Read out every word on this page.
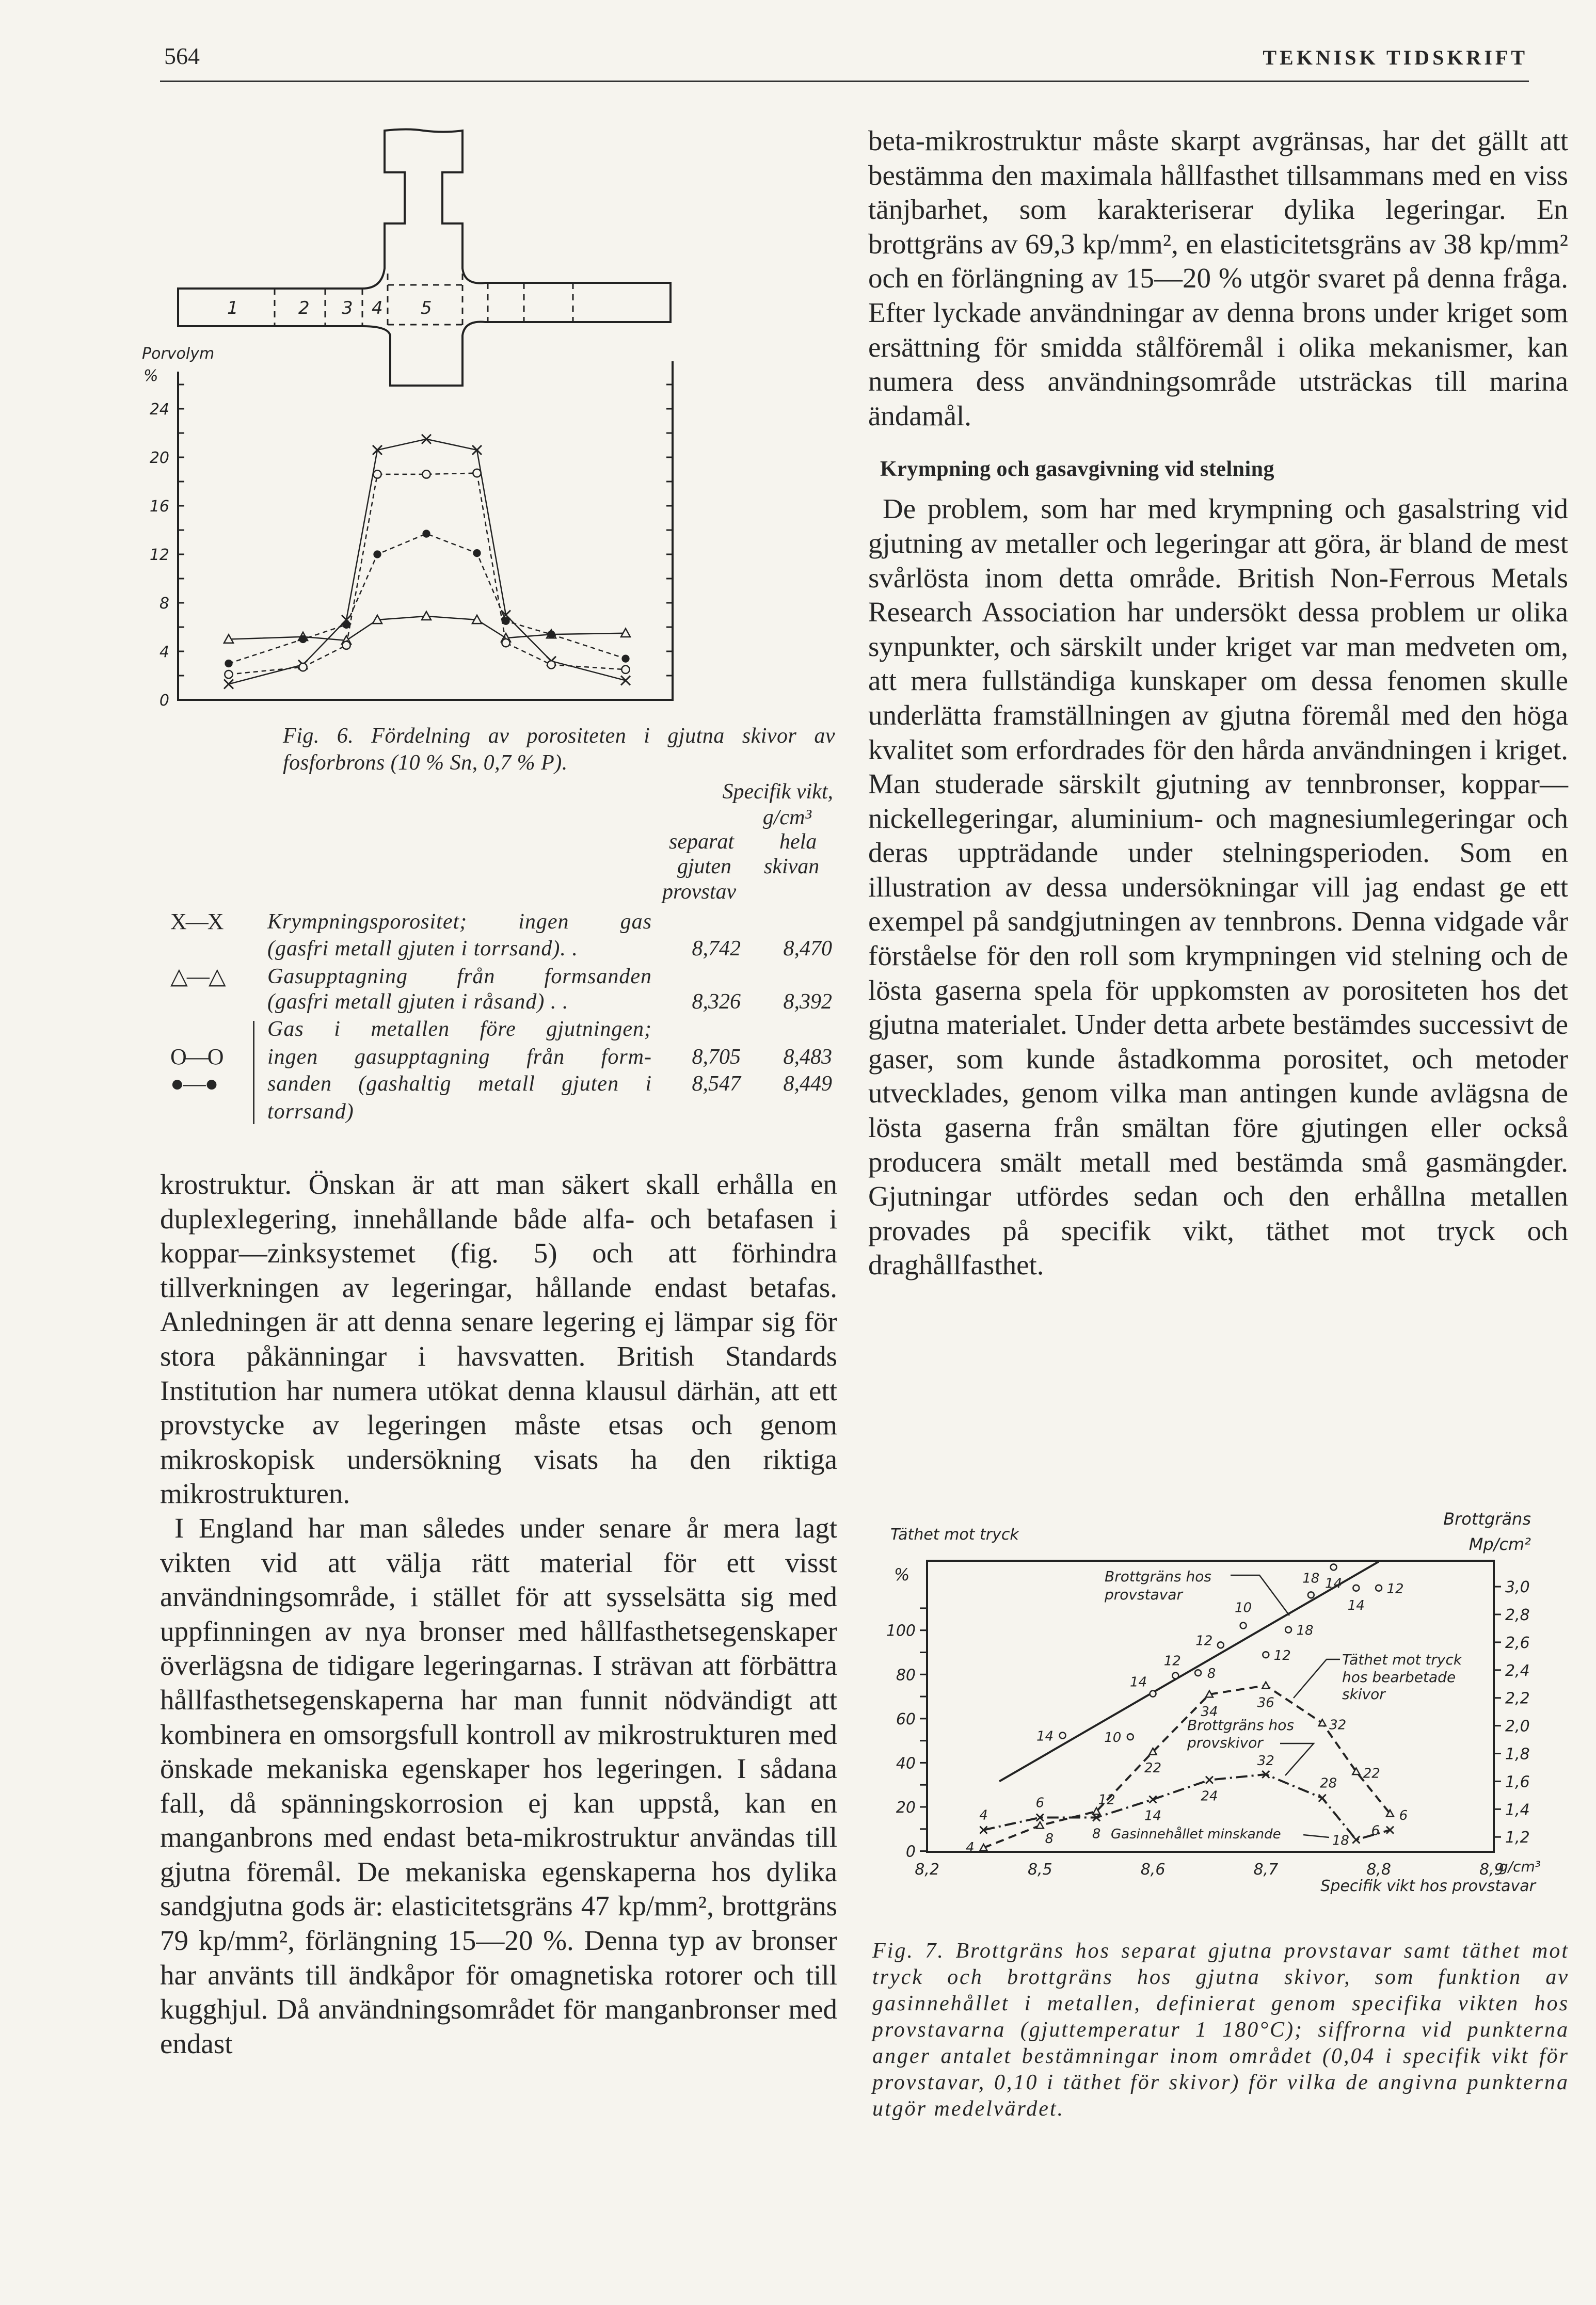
564	TEKNISK TIDSKRIFT
1	2 3 4 5
Porvolym
%
0
4
8
12
16
20
24
Täthet mot tryck
%
Brottgräns
Mp/cm²
Specifik vikt hos provstavar
g/cm³
Brottgräns hos
provstavar
Täthet mot tryck
hos bearbetade
skivor
Brottgräns hos
provskivor
Gasinnehållet minskande
0
20
40
60
80
100
1,2
1,4
1,6
1,8
2,0
2,2
2,4
2,6
2,8
3,0
8,2	8,5	8,6	8,7	8,8	8,9
14	10
14
12
8
12
10
12
18
18 14
14
12
4
8
12
22
34
36
32
22
6
4
6
8
14
24
32
28
18
6

Fig. 6. Fördelning av porositeten i gjutna skivor av fosforbrons (10 % Sn, 0,7 % P).

Specifik vikt,
g/cm³
separat
gjuten
provstav
hela
skivan
X—X Krympningsporositet; ingen gas
(gasfri metall gjuten i torrsand). .	8,742	8,470
△—△ Gasupptagning från formsanden
(gasfri metall gjuten i råsand) . .	8,326	8,392
Gas i metallen före gjutningen;
O—O ingen gasupptagning från form-	8,705	8,483
●—● sanden (gashaltig metall gjuten i	8,547	8,449
torrsand)

krostruktur. Önskan är att man säkert skall erhålla en duplexlegering, innehållande både alfa- och betafasen i koppar—zinksystemet (fig. 5) och att förhindra tillverkningen av legeringar, hållande endast betafas. Anledningen är att denna senare legering ej lämpar sig för stora påkänningar i havsvatten. British Standards Institution har numera utökat denna klausul därhän, att ett provstycke av legeringen måste etsas och genom mikroskopisk undersökning visats ha den riktiga mikrostrukturen.

I England har man således under senare år mera lagt vikten vid att välja rätt material för ett visst användningsområde, i stället för att sysselsätta sig med uppfinningen av nya bronser med hållfasthetsegenskaper överlägsna de tidigare legeringarnas. I strävan att förbättra hållfasthetsegenskaperna har man funnit nödvändigt att kombinera en omsorgsfull kontroll av mikrostrukturen med önskade mekaniska egenskaper hos legeringen. I sådana fall, då spänningskorrosion ej kan uppstå, kan en manganbrons med endast beta-mikrostruktur användas till gjutna föremål. De mekaniska egenskaperna hos dylika sandgjutna gods är: elasticitetsgräns 47 kp/mm², brottgräns 79 kp/mm², förlängning 15—20 %. Denna typ av bronser har använts till ändkåpor för omagnetiska rotorer och till kugghjul. Då användningsområdet för manganbronser med endast

beta-mikrostruktur måste skarpt avgränsas, har det gällt att bestämma den maximala hållfasthet tillsammans med en viss tänjbarhet, som karakteriserar dylika legeringar. En brottgräns av 69,3 kp/mm², en elasticitetsgräns av 38 kp/mm² och en förlängning av 15—20 % utgör svaret på denna fråga. Efter lyckade användningar av denna brons under kriget som ersättning för smidda stålföremål i olika mekanismer, kan numera dess användningsområde utsträckas till marina ändamål.

Krympning och gasavgivning vid stelning

De problem, som har med krympning och gasalstring vid gjutning av metaller och legeringar att göra, är bland de mest svårlösta inom detta område. British Non-Ferrous Metals Research Association har undersökt dessa problem ur olika synpunkter, och särskilt under kriget var man medveten om, att mera fullständiga kunskaper om dessa fenomen skulle underlätta framställningen av gjutna föremål med den höga kvalitet som erfordrades för den hårda användningen i kriget. Man studerade särskilt gjutning av tennbronser, koppar—nickellegeringar, aluminium- och magnesiumlegeringar och deras uppträdande under stelningsperioden. Som en illustration av dessa undersökningar vill jag endast ge ett exempel på sandgjutningen av tennbrons. Denna vidgade vår förståelse för den roll som krympningen vid stelning och de lösta gaserna spela för uppkomsten av porositeten hos det gjutna materialet. Under detta arbete bestämdes successivt de gaser, som kunde åstadkomma porositet, och metoder utvecklades, genom vilka man antingen kunde avlägsna de lösta gaserna från smältan före gjutingen eller också producera smält metall med bestämda små gasmängder. Gjutningar utfördes sedan och den erhållna metallen provades på specifik vikt, täthet mot tryck och draghållfasthet.

Fig. 7. Brottgräns hos separat gjutna provstavar samt täthet mot tryck och brottgräns hos gjutna skivor, som funktion av gasinnehållet i metallen, definierat genom specifika vikten hos provstavarna (gjuttemperatur 1 180°C); siffrorna vid punkterna anger antalet bestämningar inom området (0,04 i specifik vikt för provstavar, 0,10 i täthet för skivor) för vilka de angivna punkterna utgör medelvärdet.
